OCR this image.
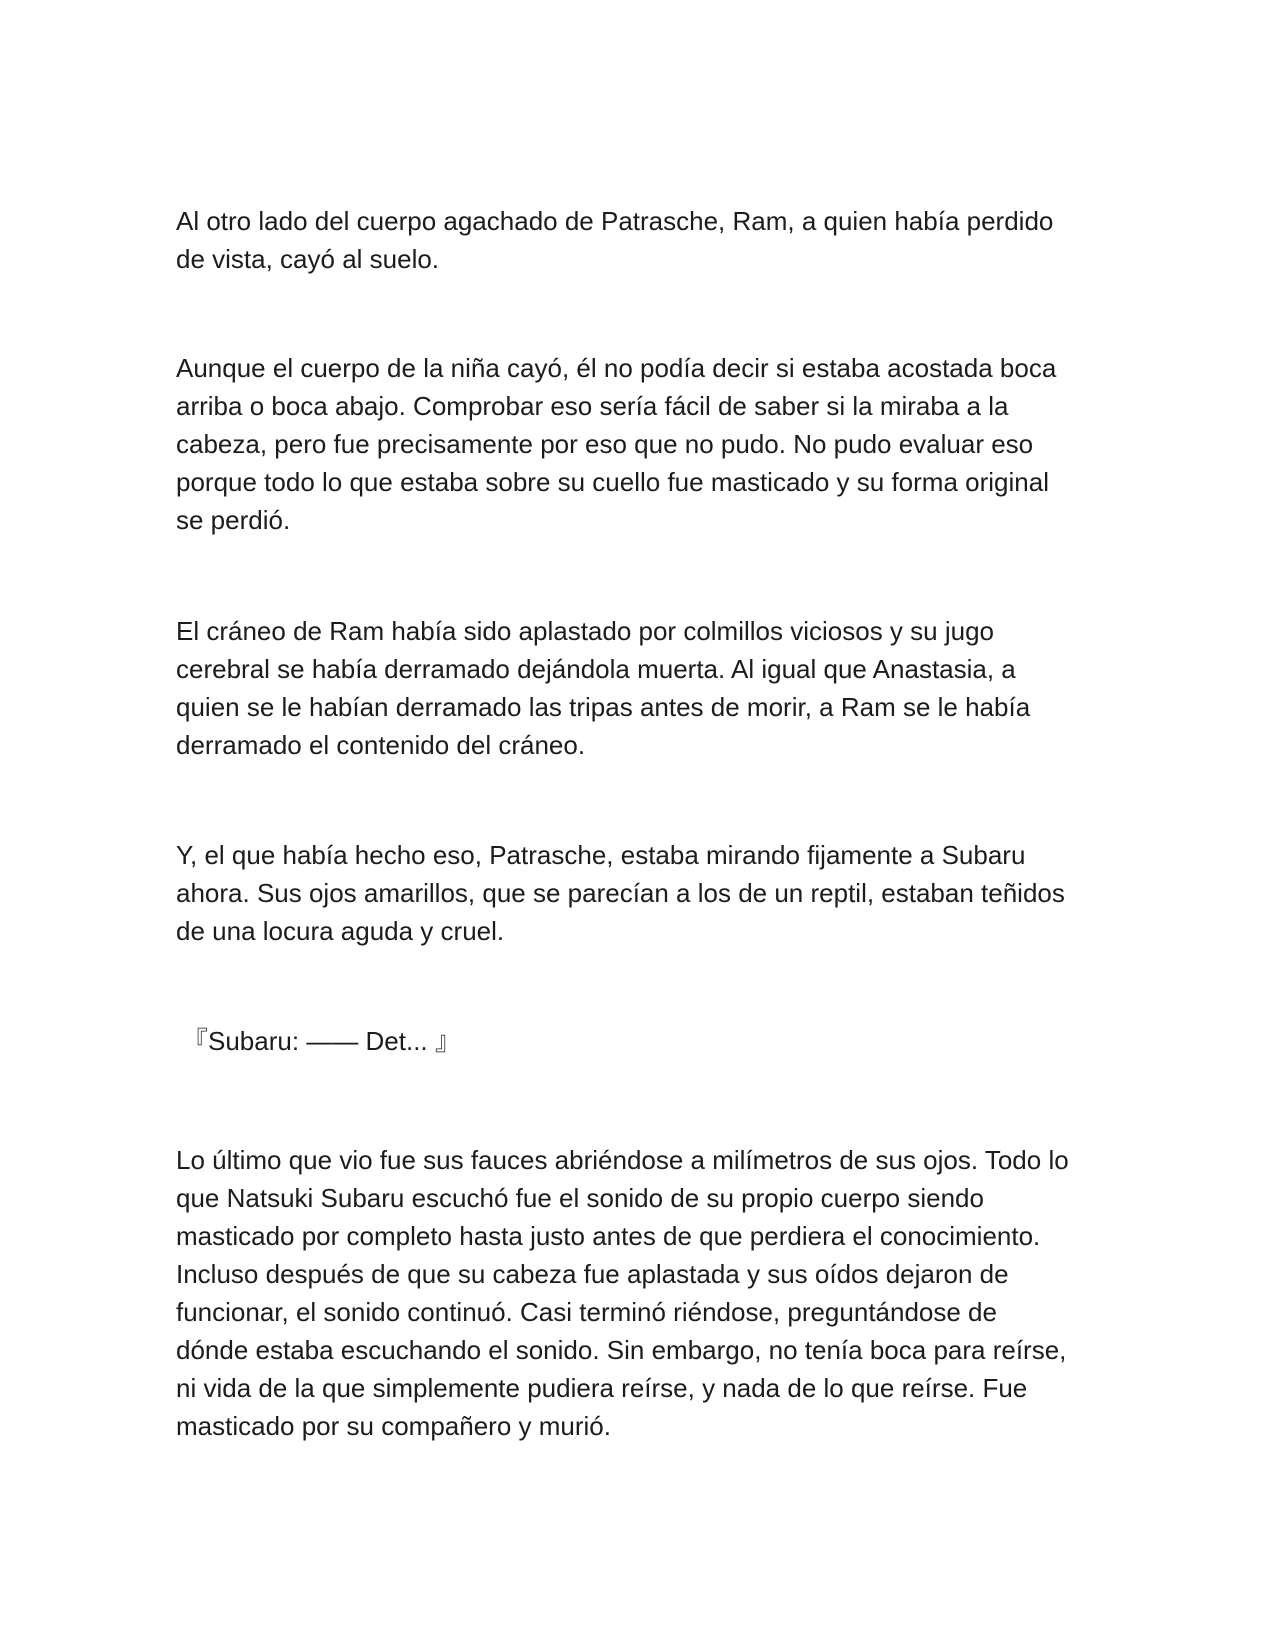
Al otro lado del cuerpo agachado de Patrasche, Ram, a quien había perdido
de vista, cayó al suelo.

Aunque el cuerpo de la niña cayó, él no podía decir si estaba acostada boca
arriba o boca abajo. Comprobar eso sería fácil de saber si la miraba a la
cabeza, pero fue precisamente por eso que no pudo. No pudo evaluar eso
porque todo lo que estaba sobre su cuello fue masticado y su forma original
se perdió.

El cráneo de Ram había sido aplastado por colmillos viciosos y su jugo
cerebral se había derramado dejándola muerta. Al igual que Anastasia, a
quien se le habían derramado las tripas antes de morir, a Ram se le había
derramado el contenido del cráneo.

Y, el que había hecho eso, Patrasche, estaba mirando fijamente a Subaru
ahora. Sus ojos amarillos, que se parecían a los de un reptil, estaban teñidos
de una locura aguda y cruel.

『Subaru: —— Det... 』

Lo último que vio fue sus fauces abriéndose a milímetros de sus ojos. Todo lo
que Natsuki Subaru escuchó fue el sonido de su propio cuerpo siendo
masticado por completo hasta justo antes de que perdiera el conocimiento.
Incluso después de que su cabeza fue aplastada y sus oídos dejaron de
funcionar, el sonido continuó. Casi terminó riéndose, preguntándose de
dónde estaba escuchando el sonido. Sin embargo, no tenía boca para reírse,
ni vida de la que simplemente pudiera reírse, y nada de lo que reírse. Fue
masticado por su compañero y murió.
